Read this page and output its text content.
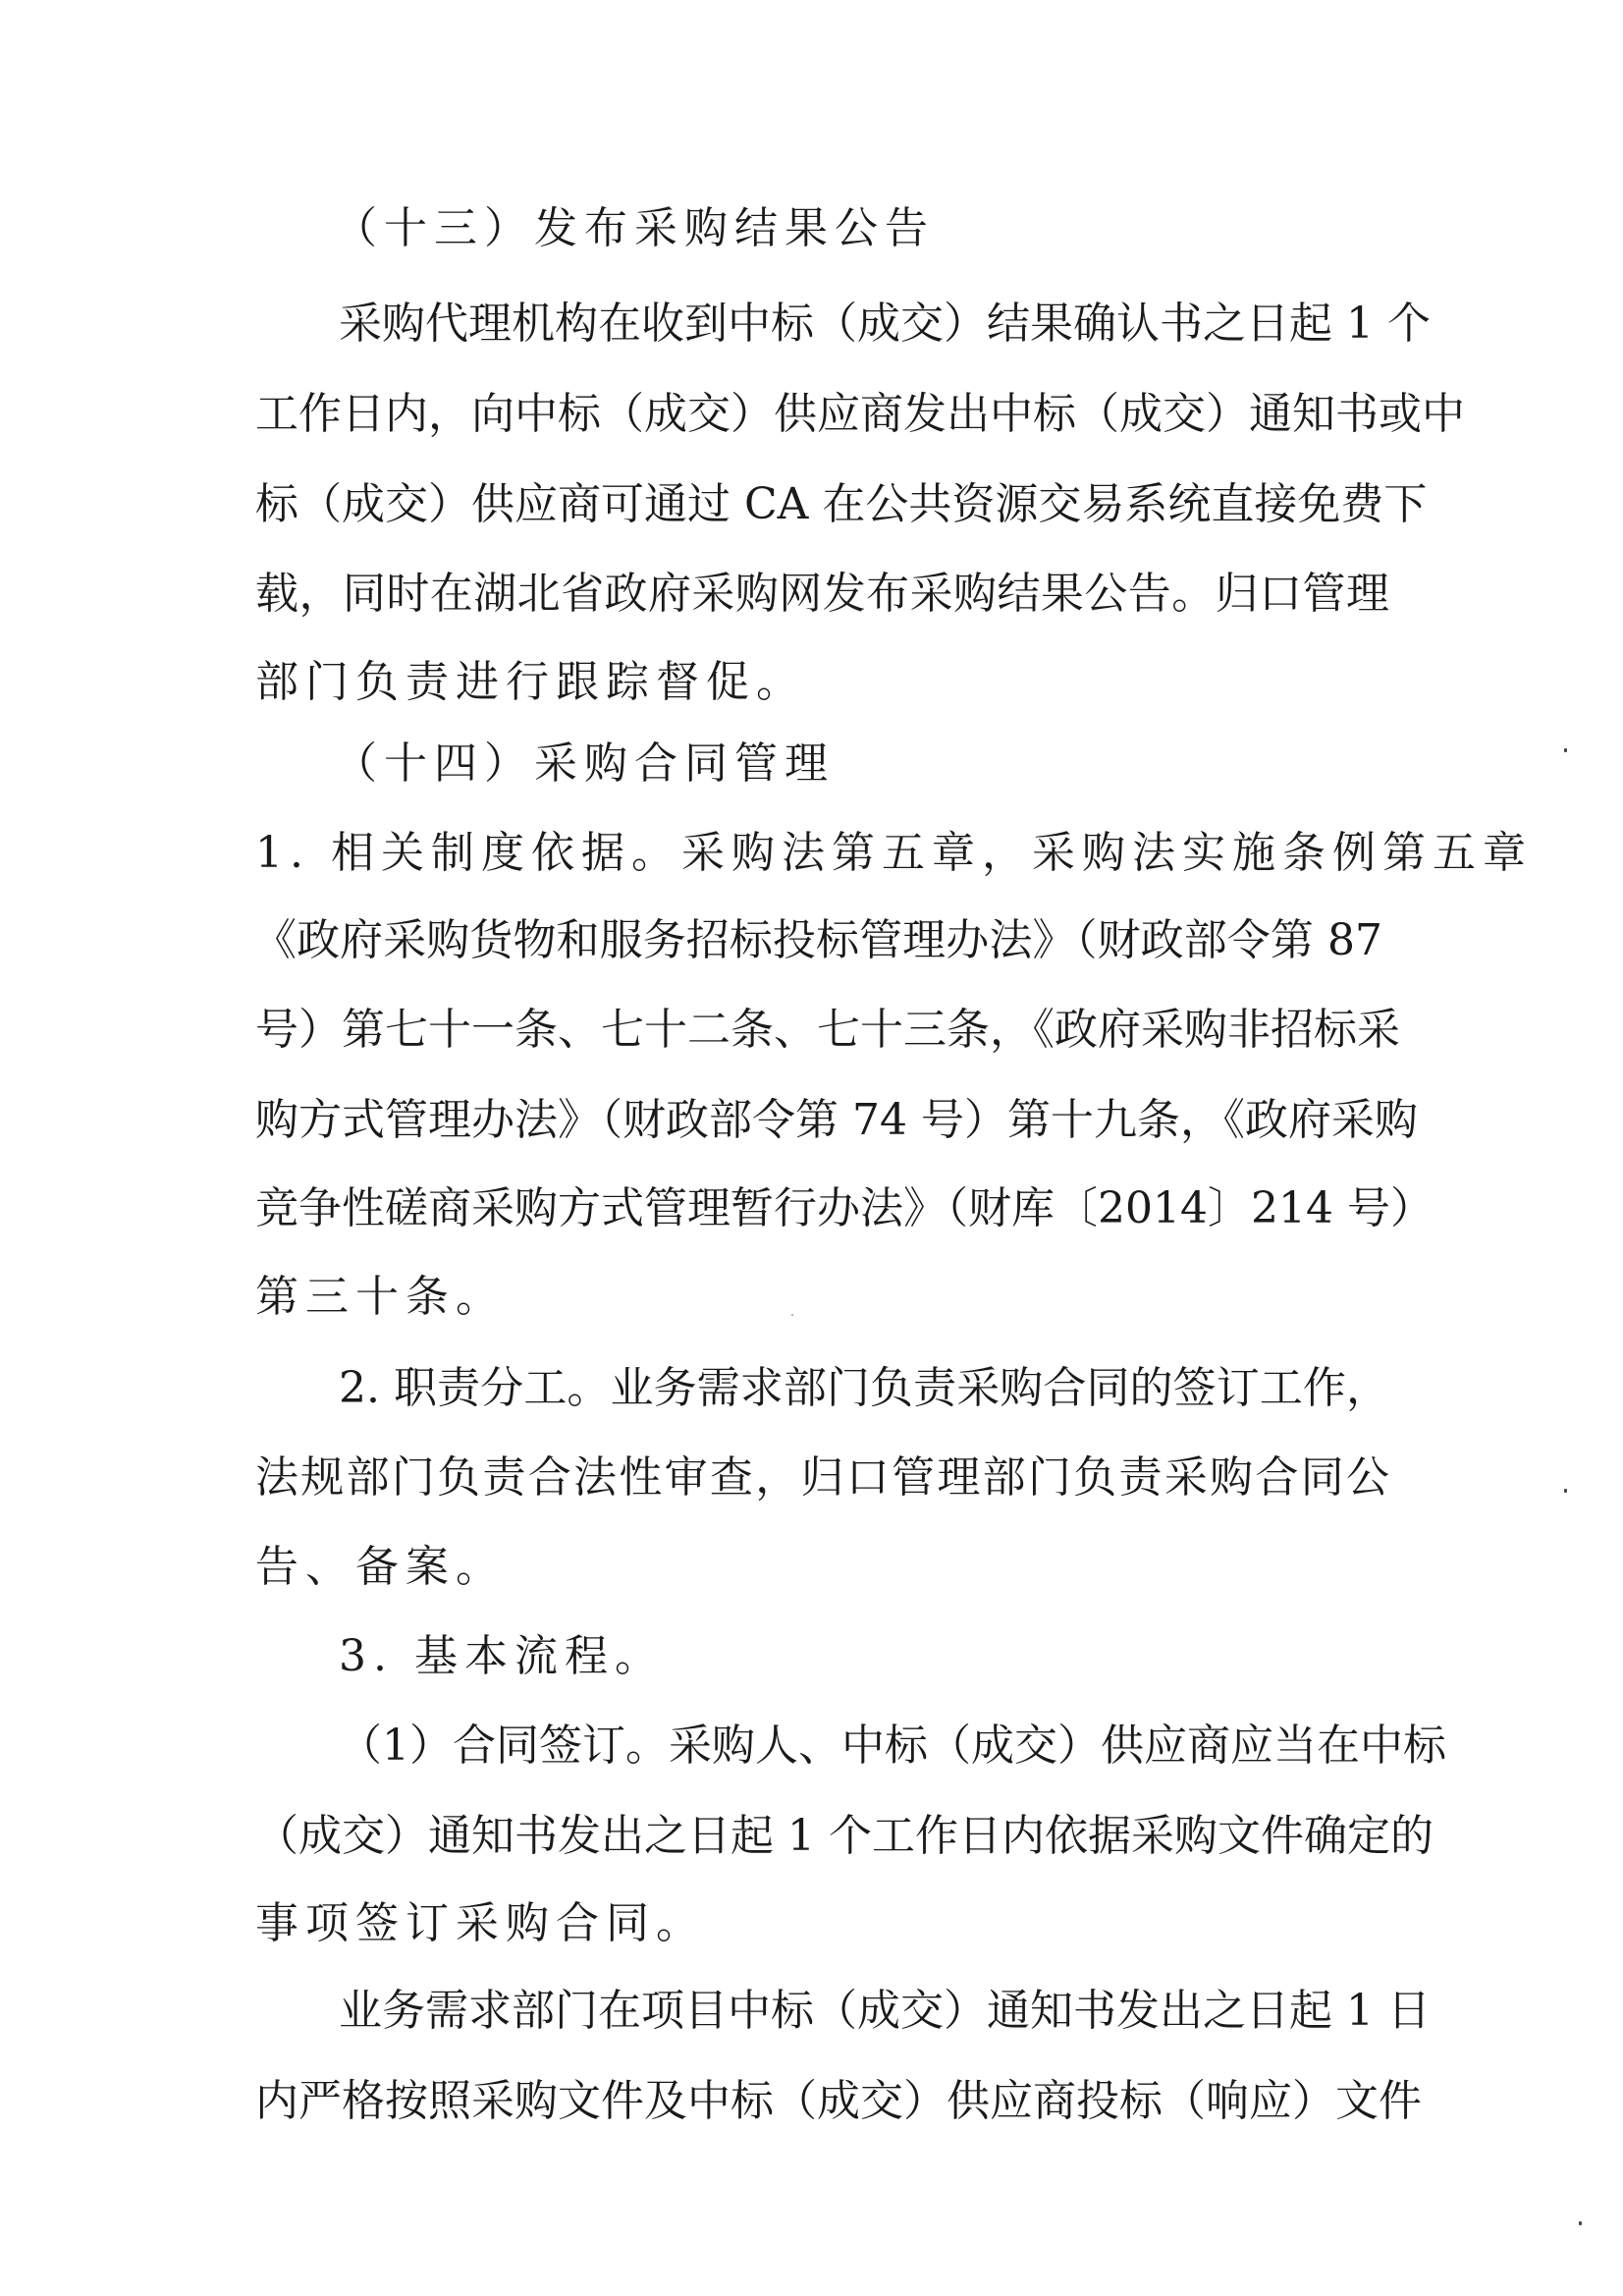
（十三）发布采购结果公告

采购代理机构在收到中标（成交）结果确认书之日起 1 个

工作日内，向中标（成交）供应商发出中标（成交）通知书或中

标（成交）供应商可通过 CA 在公共资源交易系统直接免费下

载，同时在湖北省政府采购网发布采购结果公告。归口管理

部门负责进行跟踪督促。

（十四）采购合同管理

1. 相关制度依据。采购法第五章，采购法实施条例第五章

《政府采购货物和服务招标投标管理办法》（财政部令第 87

号）第七十一条、七十二条、七十三条，《政府采购非招标采

购方式管理办法》（财政部令第 74 号）第十九条，《政府采购

竞争性磋商采购方式管理暂行办法》（财库〔2014〕214 号）

第三十条。

2. 职责分工。业务需求部门负责采购合同的签订工作，

法规部门负责合法性审查，归口管理部门负责采购合同公

告、备案。

3. 基本流程。

（1）合同签订。采购人、中标（成交）供应商应当在中标

（成交）通知书发出之日起 1 个工作日内依据采购文件确定的

事项签订采购合同。

业务需求部门在项目中标（成交）通知书发出之日起 1 日

内严格按照采购文件及中标（成交）供应商投标（响应）文件
